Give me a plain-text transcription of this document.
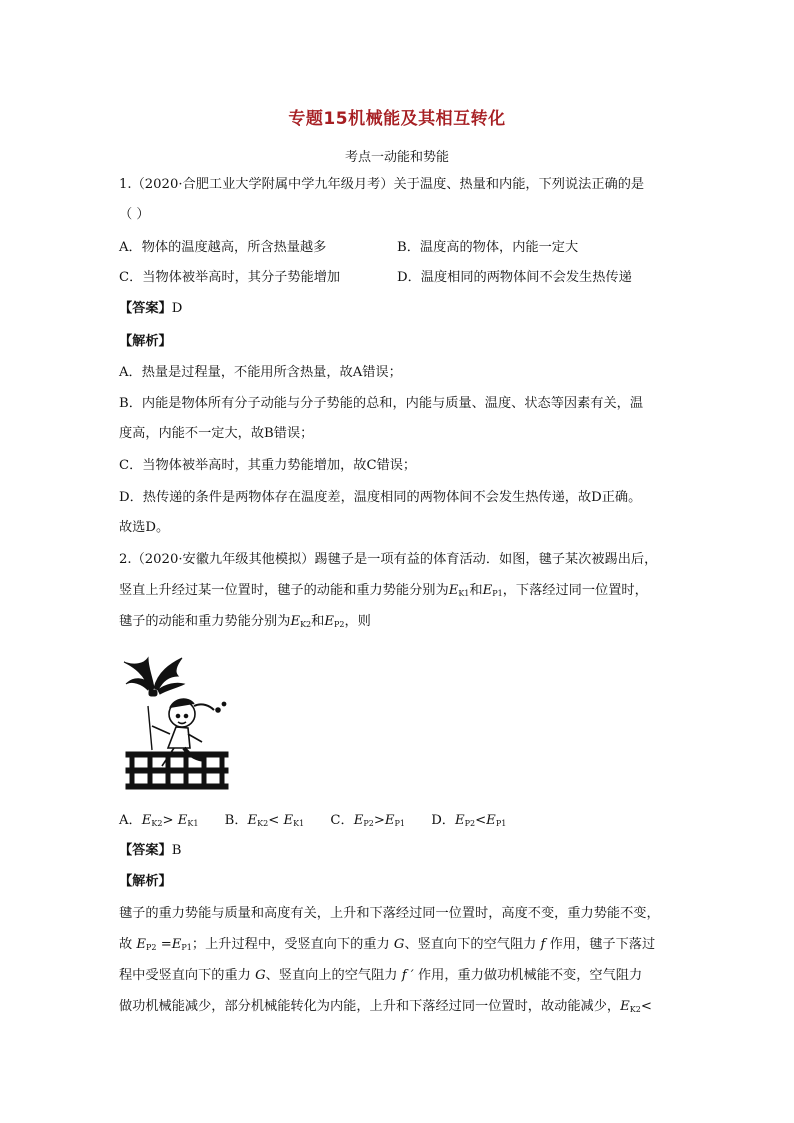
专题15机械能及其相互转化
考点一动能和势能
1.（2020·合肥工业大学附属中学九年级月考）关于温度、热量和内能，下列说法正确的是
（ ）
A．物体的温度越高，所含热量越多	B．温度高的物体，内能一定大
C．当物体被举高时，其分子势能增加	D．温度相同的两物体间不会发生热传递
【答案】D
【解析】
A．热量是过程量，不能用所含热量，故A错误；
B．内能是物体所有分子动能与分子势能的总和，内能与质量、温度、状态等因素有关，温
度高，内能不一定大，故B错误；
C．当物体被举高时，其重力势能增加，故C错误；
D．热传递的条件是两物体存在温度差，温度相同的两物体间不会发生热传递，故D正确。
故选D。
2.（2020·安徽九年级其他模拟）踢毽子是一项有益的体育活动．如图，毽子某次被踢出后，
竖直上升经过某一位置时，毽子的动能和重力势能分别为$E_{K1}$和$E_{P1}$，下落经过同一位置时，
毽子的动能和重力势能分别为$E_{K2}$和$E_{P2}$，则
A．$E_{K2}> E_{K1}$ B．$E_{K2}< E_{K1}$ C．$E_{P2}>E_{P1}$ D．$E_{P2}<E_{P1}$
【答案】B
【解析】
毽子的重力势能与质量和高度有关，上升和下落经过同一位置时，高度不变，重力势能不变，
故 $E_{P2} =E_{P1}$；上升过程中，受竖直向下的重力 G、竖直向下的空气阻力 f 作用，毽子下落过
程中受竖直向下的重力 G、竖直向上的空气阻力 f ′ 作用，重力做功机械能不变，空气阻力
做功机械能减少，部分机械能转化为内能，上升和下落经过同一位置时，故动能减少，$E_{K2}<$
